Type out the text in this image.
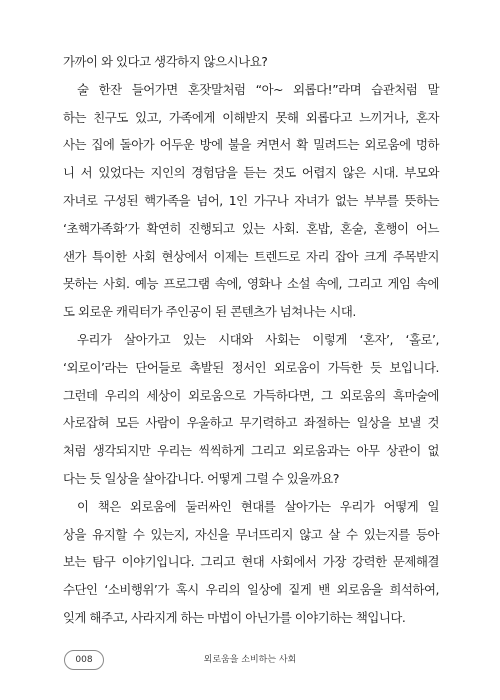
가까이 와 있다고 생각하지 않으시나요?
술 한잔 들어가면 혼잣말처럼 “아~ 외롭다!”라며 습관처럼 말
하는 친구도 있고, 가족에게 이해받지 못해 외롭다고 느끼거나, 혼자
사는 집에 돌아가 어두운 방에 불을 켜면서 확 밀려드는 외로움에 멍하
니 서 있었다는 지인의 경험담을 듣는 것도 어렵지 않은 시대. 부모와
자녀로 구성된 핵가족을 넘어, 1인 가구나 자녀가 없는 부부를 뜻하는
‘초핵가족화’가 확연히 진행되고 있는 사회. 혼밥, 혼술, 혼행이 어느
샌가 특이한 사회 현상에서 이제는 트렌드로 자리 잡아 크게 주목받지
못하는 사회. 예능 프로그램 속에, 영화나 소설 속에, 그리고 게임 속에
도 외로운 캐릭터가 주인공이 된 콘텐츠가 넘쳐나는 시대.
우리가 살아가고 있는 시대와 사회는 이렇게 ‘혼자’, ‘홀로’,
‘외로이’라는 단어들로 촉발된 정서인 외로움이 가득한 듯 보입니다.
그런데 우리의 세상이 외로움으로 가득하다면, 그 외로움의 흑마술에
사로잡혀 모든 사람이 우울하고 무기력하고 좌절하는 일상을 보낼 것
처럼 생각되지만 우리는 씩씩하게 그리고 외로움과는 아무 상관이 없
다는 듯 일상을 살아갑니다. 어떻게 그럴 수 있을까요?
이 책은 외로움에 둘러싸인 현대를 살아가는 우리가 어떻게 일
상을 유지할 수 있는지, 자신을 무너뜨리지 않고 살 수 있는지를 등아
보는 탐구 이야기입니다. 그리고 현대 사회에서 가장 강력한 문제해결
수단인 ‘소비행위’가 혹시 우리의 일상에 짙게 밴 외로움을 희석하여,
잊게 해주고, 사라지게 하는 마법이 아닌가를 이야기하는 책입니다.
008	외로움을 소비하는 사회
